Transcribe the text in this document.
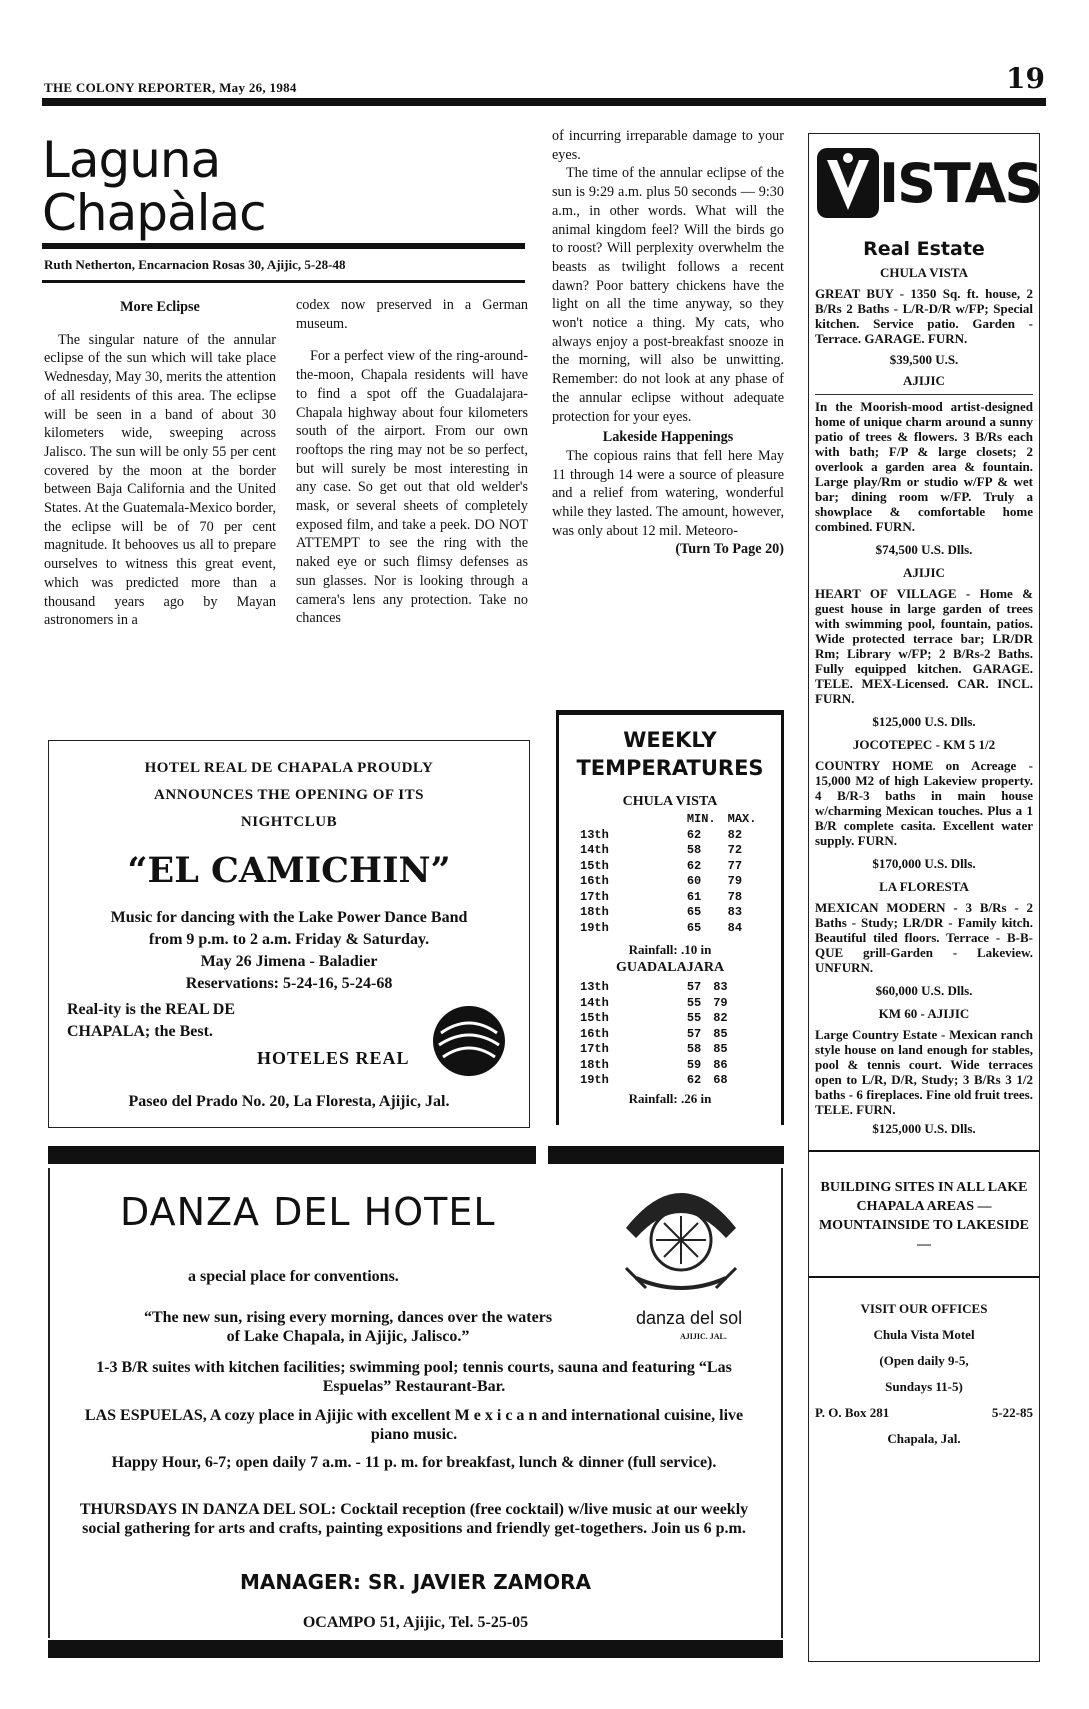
THE COLONY REPORTER, May 26, 1984	19
Laguna
Chapàlac
Ruth Netherton, Encarnacion Rosas 30, Ajijic, 5-28-48
More Eclipse

The singular nature of the annular eclipse of the sun which will take place Wednesday, May 30, merits the attention of all residents of this area. The eclipse will be seen in a band of about 30 kilometers wide, sweeping across Jalisco. The sun will be only 55 per cent covered by the moon at the border between Baja California and the United States. At the Guatemala-Mexico border, the eclipse will be of 70 per cent magnitude. It behooves us all to prepare ourselves to witness this great event, which was predicted more than a thousand years ago by Mayan astronomers in a

codex now preserved in a German museum.

For a perfect view of the ring-around-the-moon, Chapala residents will have to find a spot off the Guadalajara-Chapala highway about four kilometers south of the airport. From our own rooftops the ring may not be so perfect, but will surely be most interesting in any case. So get out that old welder's mask, or several sheets of completely exposed film, and take a peek. DO NOT ATTEMPT to see the ring with the naked eye or such flimsy defenses as sun glasses. Nor is looking through a camera's lens any protection. Take no chances

of incurring irreparable damage to your eyes.

The time of the annular eclipse of the sun is 9:29 a.m. plus 50 seconds — 9:30 a.m., in other words. What will the animal kingdom feel? Will the birds go to roost? Will perplexity overwhelm the beasts as twilight follows a recent dawn? Poor battery chickens have the light on all the time anyway, so they won't notice a thing. My cats, who always enjoy a post-breakfast snooze in the morning, will also be unwitting. Remember: do not look at any phase of the annular eclipse without adequate protection for your eyes.

Lakeside Happenings

The copious rains that fell here May 11 through 14 were a source of pleasure and a relief from watering, wonderful while they lasted. The amount, however, was only about 12 mil. Meteoro-

(Turn To Page 20)
HOTEL REAL DE CHAPALA PROUDLY
ANNOUNCES THE OPENING OF ITS
NIGHTCLUB
“EL CAMICHIN”
Music for dancing with the Lake Power Dance Band
from 9 p.m. to 2 a.m. Friday & Saturday.
May 26 Jimena - Baladier
Reservations: 5-24-16, 5-24-68
Real-ity is the REAL DE
CHAPALA; the Best.
HOTELES REAL
Paseo del Prado No. 20, La Floresta, Ajijic, Jal.
WEEKLY
TEMPERATURES
CHULA VISTA
	MIN.	MAX.
13th	62	82
14th	58	72
15th	62	77
16th	60	79
17th	61	78
18th	65	83
19th	65	84
Rainfall: .10 in
GUADALAJARA
13th	57	83
14th	55	79
15th	55	82
16th	57	85
17th	58	85
18th	59	86
19th	62	68
Rainfall: .26 in
DANZA DEL HOTEL
a special place for conventions.
“The new sun, rising every morning, dances over the waters
of Lake Chapala, in Ajijic, Jalisco.”
danza del sol
AJIJIC. JAL.
1-3 B/R suites with kitchen facilities; swimming pool; tennis courts, sauna and featuring “Las Espuelas” Restaurant-Bar.
LAS ESPUELAS, A cozy place in Ajijic with excellent M e x i c a n and international cuisine, live piano music.
Happy Hour, 6-7; open daily 7 a.m. - 11 p. m. for breakfast, lunch & dinner (full service).
THURSDAYS IN DANZA DEL SOL: Cocktail reception (free cocktail) w/live music at our weekly social gathering for arts and crafts, painting expositions and friendly get-togethers. Join us 6 p.m.
MANAGER: SR. JAVIER ZAMORA
OCAMPO 51, Ajijic, Tel. 5-25-05
ISTAS
Real Estate
CHULA VISTA
GREAT BUY - 1350 Sq. ft. house, 2 B/Rs 2 Baths - L/R-D/R w/FP; Special kitchen. Service patio. Garden - Terrace. GARAGE. FURN.
$39,500 U.S.
AJIJIC
In the Moorish-mood artist-designed home of unique charm around a sunny patio of trees & flowers. 3 B/Rs each with bath; F/P & large closets; 2 overlook a garden area & fountain. Large play/Rm or studio w/FP & wet bar; dining room w/FP. Truly a showplace & comfortable home combined. FURN.
$74,500 U.S. Dlls.
AJIJIC
HEART OF VILLAGE - Home & guest house in large garden of trees with swimming pool, fountain, patios. Wide protected terrace bar; LR/DR Rm; Library w/FP; 2 B/Rs-2 Baths. Fully equipped kitchen. GARAGE. TELE. MEX-Licensed. CAR. INCL. FURN.
$125,000 U.S. Dlls.
JOCOTEPEC - KM 5 1/2
COUNTRY HOME on Acreage - 15,000 M2 of high Lakeview property. 4 B/R-3 baths in main house w/charming Mexican touches. Plus a 1 B/R complete casita. Excellent water supply. FURN.
$170,000 U.S. Dlls.
LA FLORESTA
MEXICAN MODERN - 3 B/Rs - 2 Baths - Study; LR/DR - Family kitch. Beautiful tiled floors. Terrace - B-B-QUE grill-Garden - Lakeview. UNFURN.
$60,000 U.S. Dlls.
KM 60 - AJIJIC
Large Country Estate - Mexican ranch style house on land enough for stables, pool & tennis court. Wide terraces open to L/R, D/R, Study; 3 B/Rs 3 1/2 baths - 6 fireplaces. Fine old fruit trees. TELE. FURN.
$125,000 U.S. Dlls.
BUILDING SITES IN ALL LAKE CHAPALA AREAS — MOUNTAINSIDE TO LAKESIDE —
VISIT OUR OFFICES
Chula Vista Motel
(Open daily 9-5,
Sundays 11-5)
P. O. Box 281	5-22-85
Chapala, Jal.
